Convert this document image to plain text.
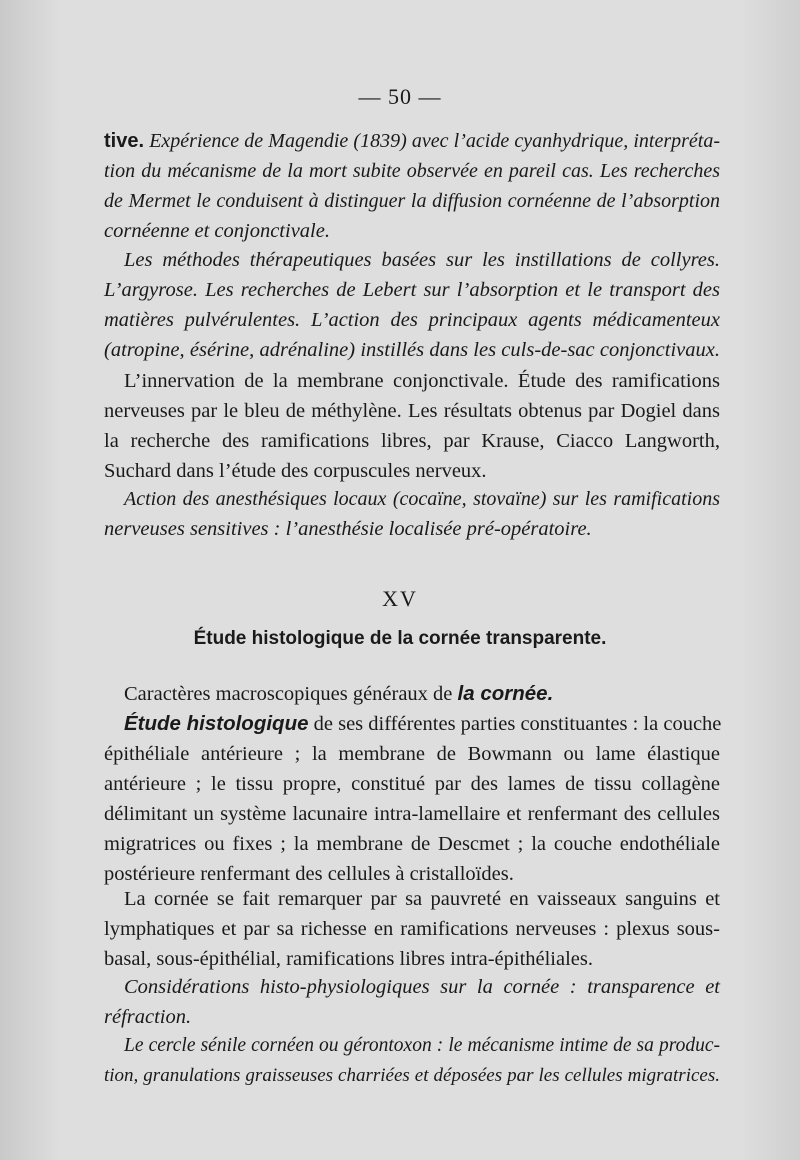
— 50 —
tive. Expérience de Magendie (1839) avec l’acide cyanhydrique, interpréta-
tion du mécanisme de la mort subite observée en pareil cas. Les recherches
de Mermet le conduisent à distinguer la diffusion cornéenne de l’absorption
cornéenne et conjonctivale.
Les méthodes thérapeutiques basées sur les instillations de collyres.
L’argyrose. Les recherches de Lebert sur l’absorption et le transport des
matières pulvérulentes. L’action des principaux agents médicamenteux
(atropine, ésérine, adrénaline) instillés dans les culs-de-sac conjonctivaux.
L’innervation de la membrane conjonctivale. Étude des ramifications
nerveuses par le bleu de méthylène. Les résultats obtenus par Dogiel dans
la recherche des ramifications libres, par Krause, Ciacco Langworth,
Suchard dans l’étude des corpuscules nerveux.
Action des anesthésiques locaux (cocaïne, stovaïne) sur les ramifications
nerveuses sensitives : l’anesthésie localisée pré-opératoire.
XV
Étude histologique de la cornée transparente.
Caractères macroscopiques généraux de la cornée.
Étude histologique de ses différentes parties constituantes : la couche
épithéliale antérieure ; la membrane de Bowmann ou lame élastique
antérieure ; le tissu propre, constitué par des lames de tissu collagène
délimitant un système lacunaire intra-lamellaire et renfermant des cellules
migratrices ou fixes ; la membrane de Descmet ; la couche endothéliale
postérieure renfermant des cellules à cristalloïdes.
La cornée se fait remarquer par sa pauvreté en vaisseaux sanguins et
lymphatiques et par sa richesse en ramifications nerveuses : plexus sous-
basal, sous-épithélial, ramifications libres intra-épithéliales.
Considérations histo-physiologiques sur la cornée : transparence et
réfraction.
Le cercle sénile cornéen ou gérontoxon : le mécanisme intime de sa produc-
tion, granulations graisseuses charriées et déposées par les cellules migratrices.
